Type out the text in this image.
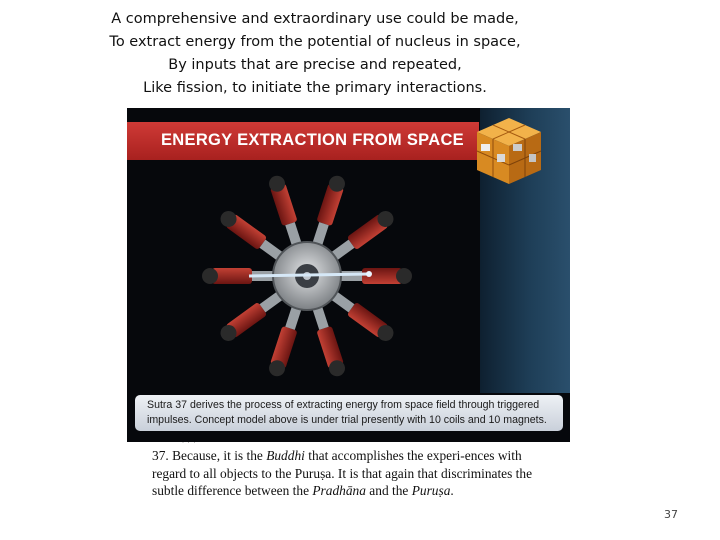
A comprehensive and extraordinary use could be made,
To extract energy from the potential of nucleus in space,
By inputs that are precise and repeated,
Like fission, to initiate the primary interactions.
ENERGY EXTRACTION FROM SPACE
Sutra 37 derives the process of extracting energy from space field through triggered impulses. Concept model above is under trial presently with 10 coils and 10 magnets.
· · ·
37. Because, it is the Buddhi that accomplishes the experi-ences with regard to all objects to the Puruṣa. It is that again that discriminates the subtle difference between the Pradhāna and the Puruṣa.
37
